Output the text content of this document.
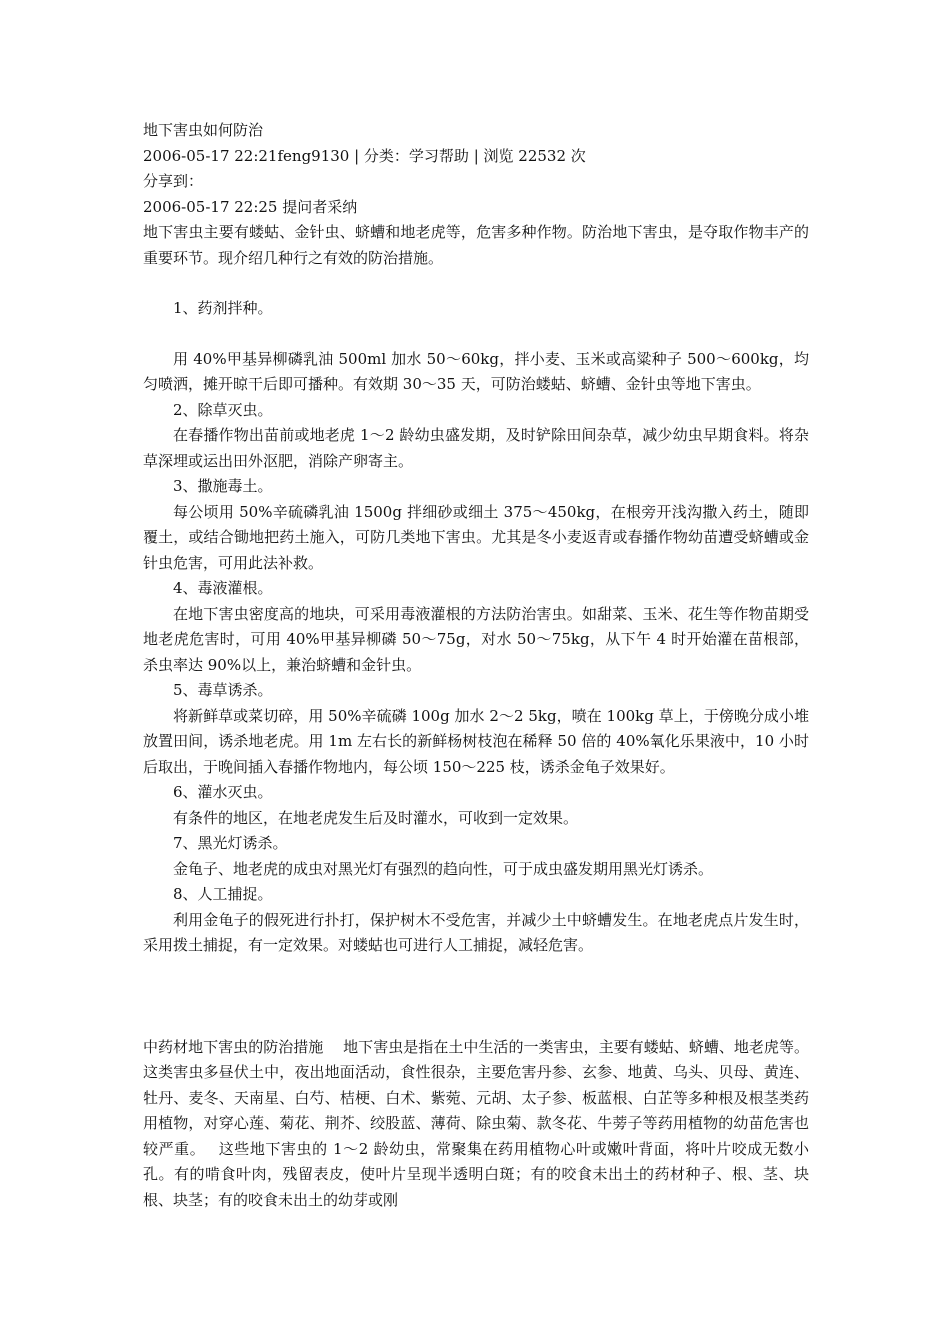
地下害虫如何防治
2006-05-17 22:21feng9130 | 分类：学习帮助 | 浏览 22532 次
分享到：
2006-05-17 22:25 提问者采纳
地下害虫主要有蝼蛄、金针虫、蛴螬和地老虎等，危害多种作物。防治地下害虫，是夺取作物丰产的重要环节。现介绍几种行之有效的防治措施。
1、药剂拌种。
用 40%甲基异柳磷乳油 500ml 加水 50～60kg，拌小麦、玉米或高粱种子 500～600kg，均匀喷洒，摊开晾干后即可播种。有效期 30～35 天，可防治蝼蛄、蛴螬、金针虫等地下害虫。
2、除草灭虫。
在春播作物出苗前或地老虎 1～2 龄幼虫盛发期，及时铲除田间杂草，减少幼虫早期食料。将杂草深埋或运出田外沤肥，消除产卵寄主。
3、撒施毒土。
每公顷用 50%辛硫磷乳油 1500g 拌细砂或细土 375～450kg，在根旁开浅沟撒入药土，随即覆土，或结合锄地把药土施入，可防几类地下害虫。尤其是冬小麦返青或春播作物幼苗遭受蛴螬或金针虫危害，可用此法补救。
4、毒液灌根。
在地下害虫密度高的地块，可采用毒液灌根的方法防治害虫。如甜菜、玉米、花生等作物苗期受地老虎危害时，可用 40%甲基异柳磷 50～75g，对水 50～75kg，从下午 4 时开始灌在苗根部，杀虫率达 90%以上，兼治蛴螬和金针虫。
5、毒草诱杀。
将新鲜草或菜切碎，用 50%辛硫磷 100g 加水 2～2 5kg，喷在 100kg 草上，于傍晚分成小堆放置田间，诱杀地老虎。用 1m 左右长的新鲜杨树枝泡在稀释 50 倍的 40%氧化乐果液中，10 小时后取出，于晚间插入春播作物地内，每公顷 150～225 枝，诱杀金龟子效果好。
6、灌水灭虫。
有条件的地区，在地老虎发生后及时灌水，可收到一定效果。
7、黑光灯诱杀。
金龟子、地老虎的成虫对黑光灯有强烈的趋向性，可于成虫盛发期用黑光灯诱杀。
8、人工捕捉。
利用金龟子的假死进行扑打，保护树木不受危害，并减少土中蛴螬发生。在地老虎点片发生时，采用拨土捕捉，有一定效果。对蝼蛄也可进行人工捕捉，减轻危害。
中药材地下害虫的防治措施　 地下害虫是指在土中生活的一类害虫，主要有蝼蛄、蛴螬、地老虎等。这类害虫多昼伏土中，夜出地面活动，食性很杂，主要危害丹参、玄参、地黄、乌头、贝母、黄连、牡丹、麦冬、天南星、白芍、桔梗、白术、紫菀、元胡、太子参、板蓝根、白芷等多种根及根茎类药用植物，对穿心莲、菊花、荆芥、绞股蓝、薄荷、除虫菊、款冬花、牛蒡子等药用植物的幼苗危害也较严重。　 这些地下害虫的 1～2 龄幼虫，常聚集在药用植物心叶或嫩叶背面，将叶片咬成无数小孔。有的啃食叶肉，残留表皮，使叶片呈现半透明白斑；有的咬食未出土的药材种子、根、茎、块根、块茎；有的咬食未出土的幼芽或刚
